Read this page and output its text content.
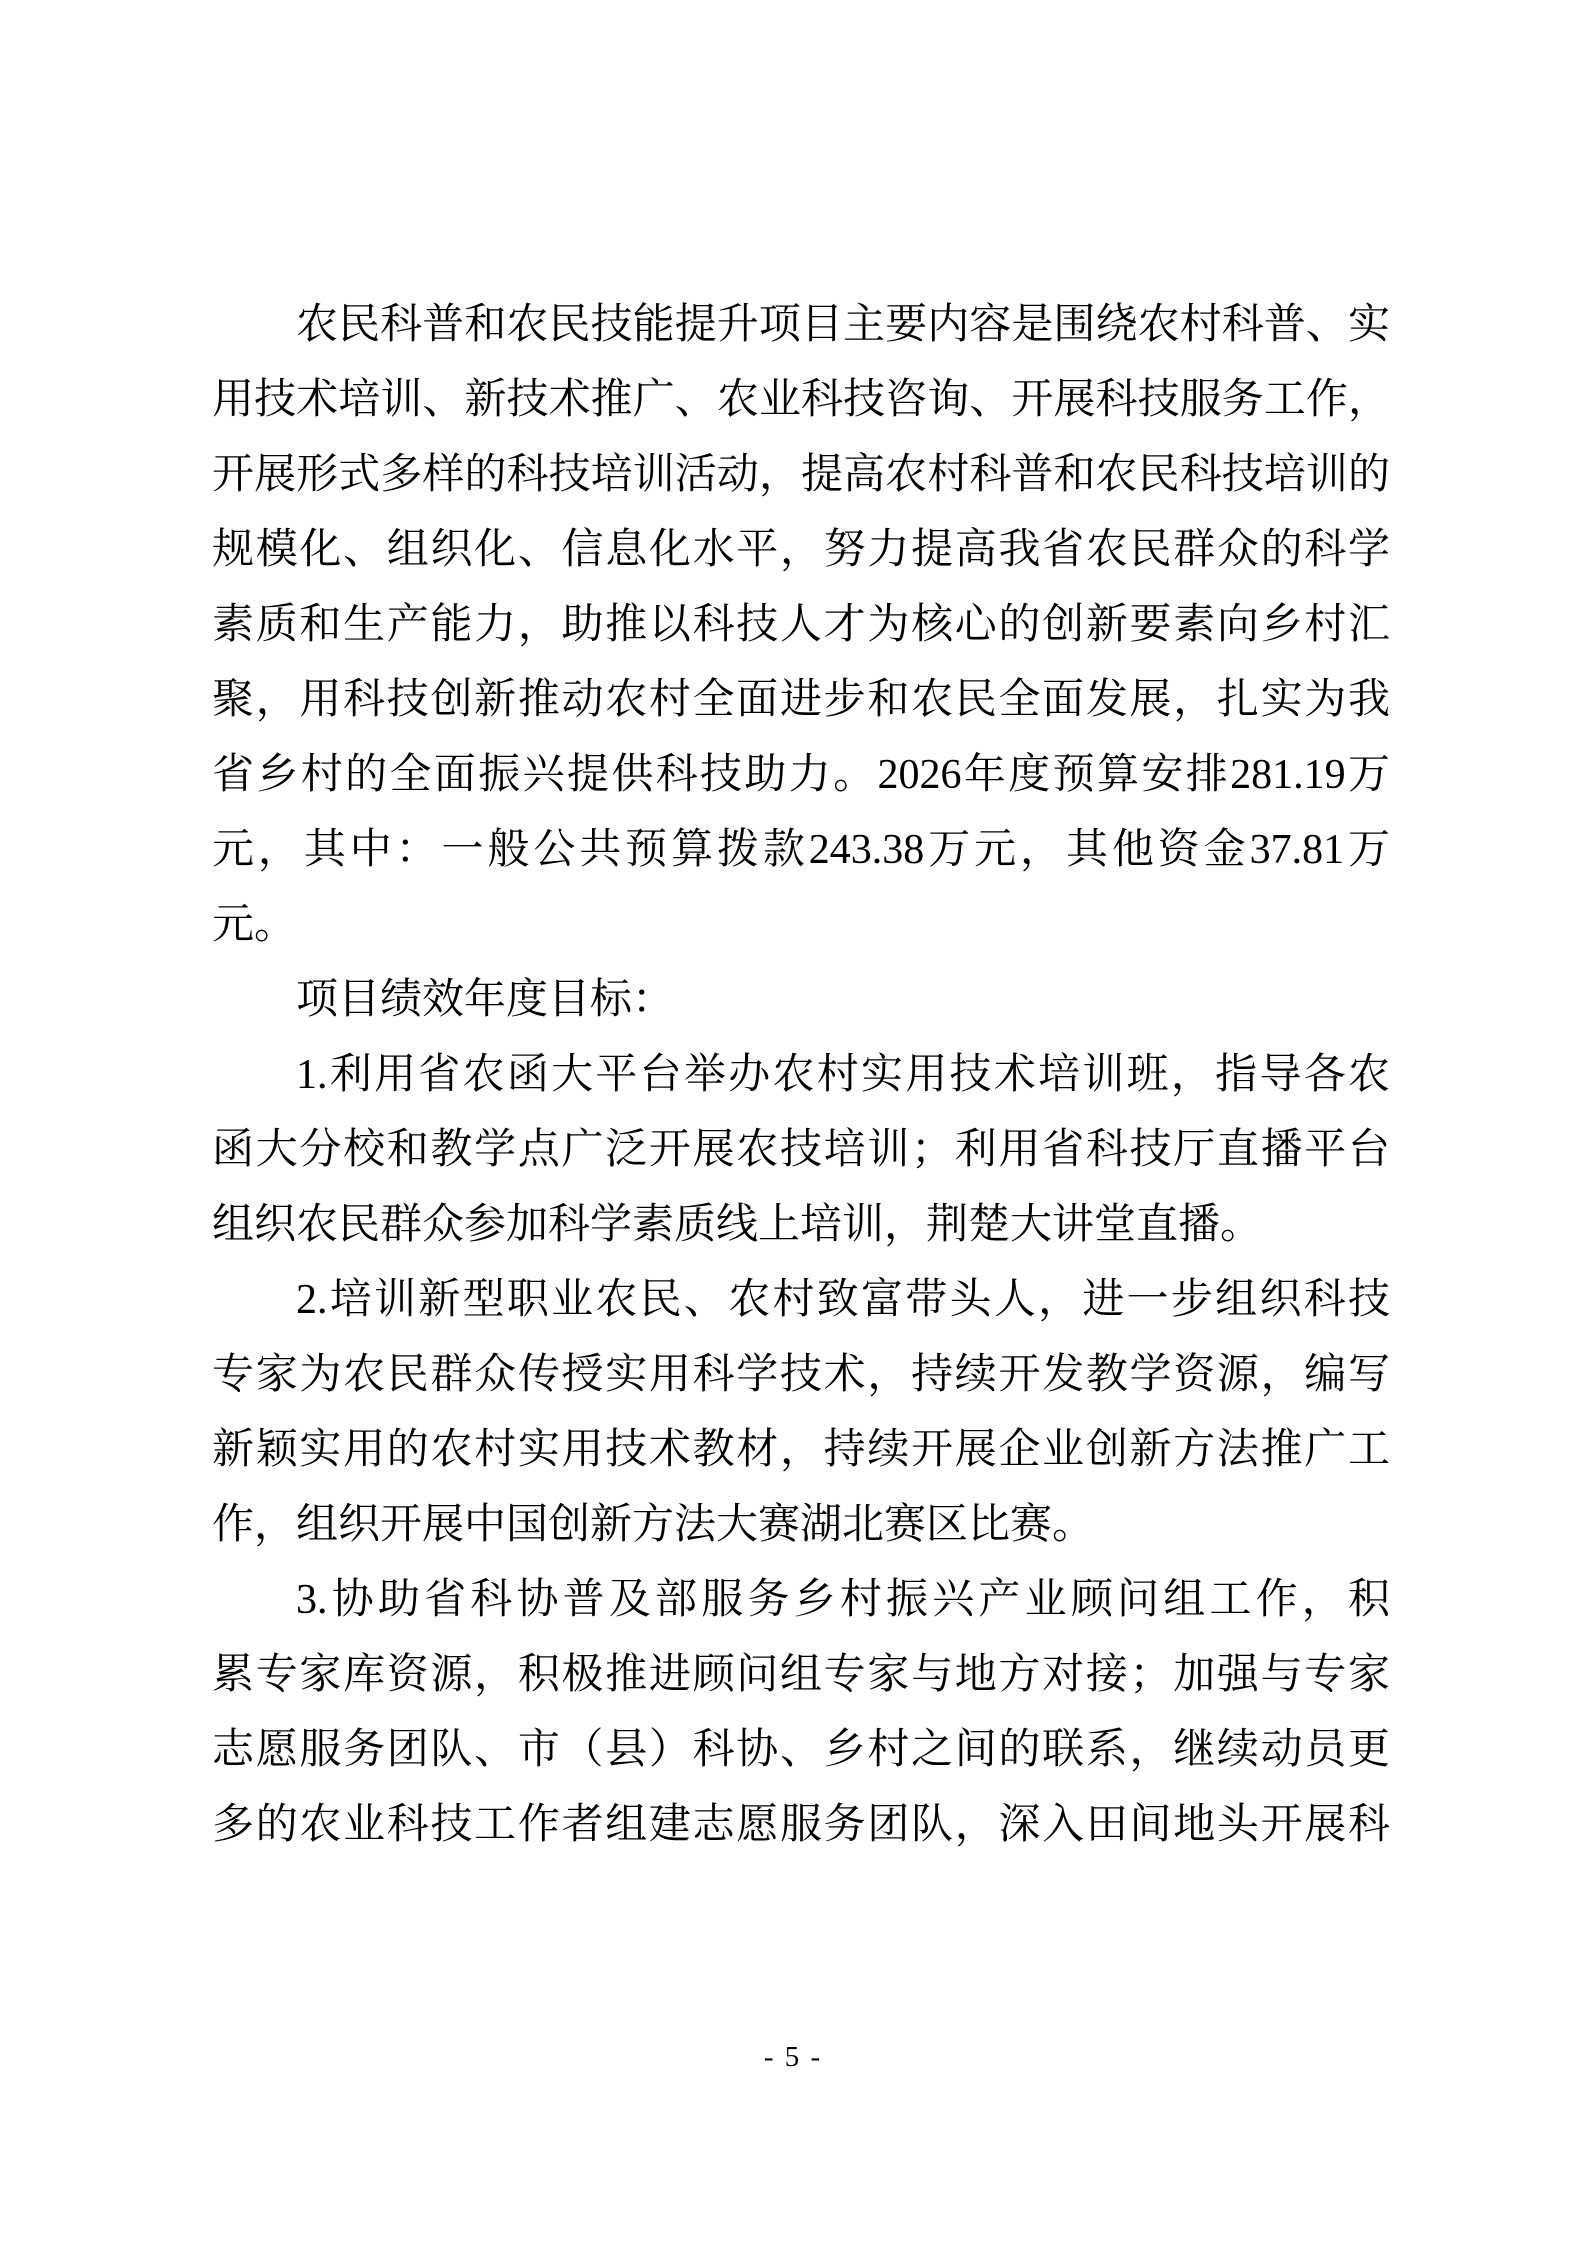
农民科普和农民技能提升项目主要内容是围绕农村科普、实
用技术培训、新技术推广、农业科技咨询、开展科技服务工作，
开展形式多样的科技培训活动，提高农村科普和农民科技培训的
规模化、组织化、信息化水平，努力提高我省农民群众的科学
素质和生产能力，助推以科技人才为核心的创新要素向乡村汇
聚，用科技创新推动农村全面进步和农民全面发展，扎实为我
省乡村的全面振兴提供科技助力。2026年度预算安排281.19万
元，其中：一般公共预算拨款243.38万元，其他资金37.81万
元。
项目绩效年度目标：
1.利用省农函大平台举办农村实用技术培训班，指导各农
函大分校和教学点广泛开展农技培训；利用省科技厅直播平台
组织农民群众参加科学素质线上培训，荆楚大讲堂直播。
2.培训新型职业农民、农村致富带头人，进一步组织科技
专家为农民群众传授实用科学技术，持续开发教学资源，编写
新颖实用的农村实用技术教材，持续开展企业创新方法推广工
作，组织开展中国创新方法大赛湖北赛区比赛。
3.协助省科协普及部服务乡村振兴产业顾问组工作，积
累专家库资源，积极推进顾问组专家与地方对接；加强与专家
志愿服务团队、市（县）科协、乡村之间的联系，继续动员更
多的农业科技工作者组建志愿服务团队，深入田间地头开展科
- 5 -
